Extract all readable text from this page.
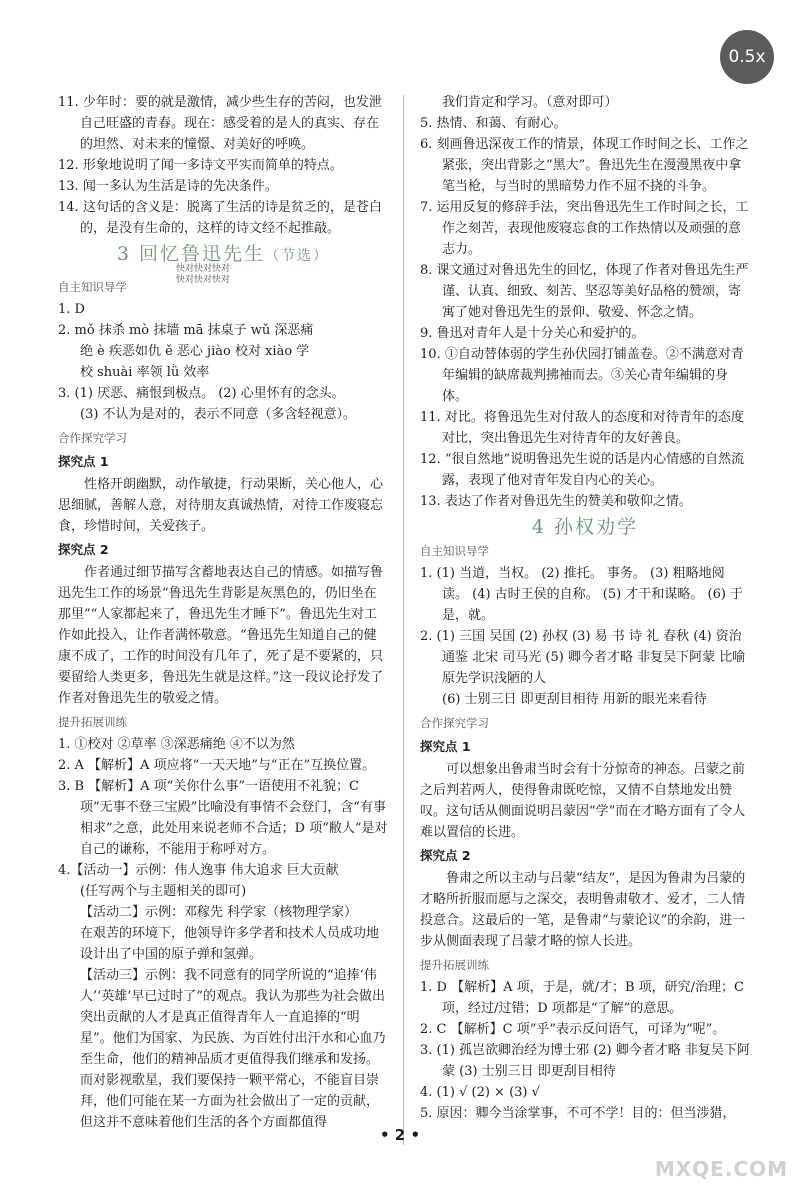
0.5x

11. 少年时：要的就是激情，减少些生存的苦闷，也发泄自己旺盛的青春。现在：感受着的是人的真实、存在的坦然、对未来的憧憬、对美好的呼唤。

12. 形象地说明了闻一多诗文平实而简单的特点。

13. 闻一多认为生活是诗的先决条件。

14. 这句话的含义是：脱离了生活的诗是贫乏的，是苍白的，是没有生命的，这样的诗文经不起推敲。

3 回忆鲁迅先生（节选）
快对快对快对
快对快对快对
自主知识导学

1. D

2. mǒ 抹杀 mò 抹墙 mā 抹桌子 wǔ 深恶痛

绝 è 疾恶如仇 ě 恶心 jiào 校对 xiào 学

校 shuài 率领 lǜ 效率

3. (1) 厌恶、痛恨到极点。 (2) 心里怀有的念头。

(3) 不认为是对的，表示不同意（多含轻视意）。

合作探究学习
探究点 1

性格开朗幽默，动作敏捷，行动果断，关心他人，心思细腻，善解人意，对待朋友真诚热情，对待工作废寝忘食，珍惜时间，关爱孩子。

探究点 2

作者通过细节描写含蓄地表达自己的情感。如描写鲁迅先生工作的场景“鲁迅先生背影是灰黑色的，仍旧坐在那里”“人家都起来了，鲁迅先生才睡下”。鲁迅先生对工作如此投入，让作者满怀敬意。“鲁迅先生知道自己的健康不成了，工作的时间没有几年了，死了是不要紧的，只要留给人类更多，鲁迅先生就是这样。”这一段议论抒发了作者对鲁迅先生的敬爱之情。

提升拓展训练

1. ①校对 ②草率 ③深恶痛绝 ④不以为然

2. A 【解析】A 项应将“一天天地”与“正在”互换位置。

3. B 【解析】A 项“关你什么事”一语使用不礼貌；C 项“无事不登三宝殿”比喻没有事情不会登门，含“有事相求”之意，此处用来说老师不合适；D 项“敝人”是对自己的谦称，不能用于称呼对方。

4.【活动一】示例：伟人逸事 伟大追求 巨大贡献

(任写两个与主题相关的即可)

【活动二】示例：邓稼先 科学家（核物理学家）

在艰苦的环境下，他领导许多学者和技术人员成功地设计出了中国的原子弹和氢弹。

【活动三】示例：我不同意有的同学所说的“追捧‘伟人’‘英雄’早已过时了”的观点。我认为那些为社会做出突出贡献的人才是真正值得青年人一直追捧的“明星”。他们为国家、为民族、为百姓付出汗水和心血乃至生命，他们的精神品质才更值得我们继承和发扬。而对影视歌星，我们要保持一颗平常心，不能盲目崇拜，他们可能在某一方面为社会做出了一定的贡献，但这并不意味着他们生活的各个方面都值得

我们肯定和学习。（意对即可）

5. 热情、和蔼、有耐心。

6. 刻画鲁迅深夜工作的情景，体现工作时间之长、工作之紧张，突出背影之“黑大”。鲁迅先生在漫漫黑夜中拿笔当枪，与当时的黑暗势力作不屈不挠的斗争。

7. 运用反复的修辞手法，突出鲁迅先生工作时间之长，工作之刻苦，表现他废寝忘食的工作热情以及顽强的意志力。

8. 课文通过对鲁迅先生的回忆，体现了作者对鲁迅先生严谨、认真、细致、刻苦、坚忍等美好品格的赞颂，寄寓了她对鲁迅先生的景仰、敬爱、怀念之情。

9. 鲁迅对青年人是十分关心和爱护的。

10. ①自动替体弱的学生孙伏园打铺盖卷。②不满意对青年编辑的缺席裁判拂袖而去。③关心青年编辑的身体。

11. 对比。将鲁迅先生对付敌人的态度和对待青年的态度对比，突出鲁迅先生对待青年的友好善良。

12. “很自然地”说明鲁迅先生说的话是内心情感的自然流露，表现了他对青年发自内心的关心。

13. 表达了作者对鲁迅先生的赞美和敬仰之情。

4 孙权劝学
自主知识导学

1. (1) 当道，当权。 (2) 推托。 事务。 (3) 粗略地阅读。 (4) 古时王侯的自称。 (5) 才干和谋略。 (6) 于是，就。

2. (1) 三国 吴国 (2) 孙权 (3) 易 书 诗 礼 春秋 (4) 资治通鉴 北宋 司马光 (5) 卿今者才略 非复吴下阿蒙 比喻原先学识浅陋的人

(6) 士别三日 即更刮目相待 用新的眼光来看待

合作探究学习
探究点 1

可以想象出鲁肃当时会有十分惊奇的神态。吕蒙之前之后判若两人，使得鲁肃既吃惊，又情不自禁地发出赞叹。这句话从侧面说明吕蒙因“学”而在才略方面有了令人难以置信的长进。

探究点 2

鲁肃之所以主动与吕蒙“结友”，是因为鲁肃为吕蒙的才略所折服而愿与之深交，表明鲁肃敬才、爱才，二人情投意合。这最后的一笔，是鲁肃“与蒙论议”的余韵，进一步从侧面表现了吕蒙才略的惊人长进。

提升拓展训练

1. D 【解析】A 项，于是，就/才；B 项，研究/治理；C 项，经过/过错；D 项都是“了解”的意思。

2. C 【解析】C 项“乎”表示反问语气，可译为“呢”。

3. (1) 孤岂欲卿治经为博士邪 (2) 卿今者才略 非复吴下阿蒙 (3) 士别三日 即更刮目相待

4. (1) √ (2) × (3) √

5. 原因：卿今当涂掌事，不可不学！目的：但当涉猎，

• 2 •
MXQE.COM
